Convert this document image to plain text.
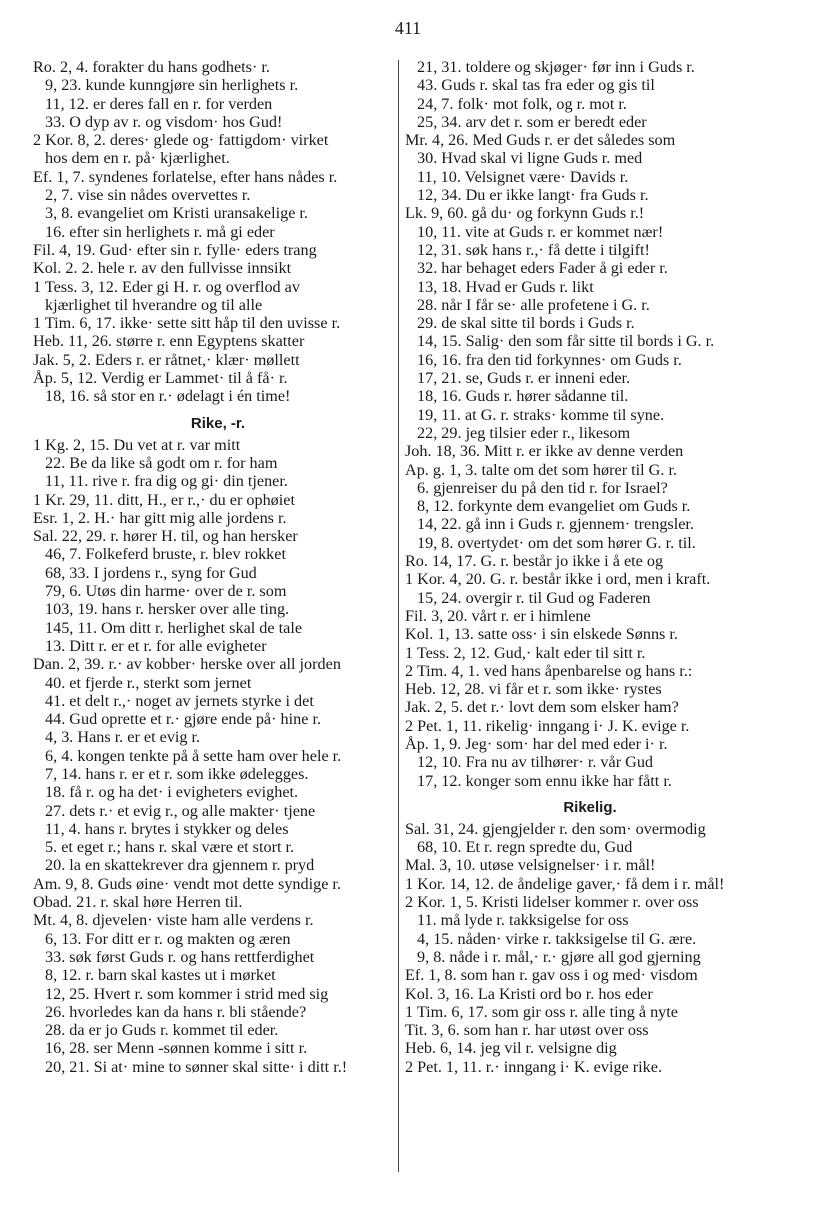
411
Ro. 2, 4. forakter du hans godhets· r.
9, 23. kunde kunngjøre sin herlighets r.
11, 12. er deres fall en r. for verden
33. O dyp av r. og visdom· hos Gud!
2 Kor. 8, 2. deres· glede og· fattigdom· virket
hos dem en r. på· kjærlighet.
Ef. 1, 7. syndenes forlatelse, efter hans nådes r.
2, 7. vise sin nådes overvettes r.
3, 8. evangeliet om Kristi uransakelige r.
16. efter sin herlighets r. må gi eder
Fil. 4, 19. Gud· efter sin r. fylle· eders trang
Kol. 2. 2. hele r. av den fullvisse innsikt
1 Tess. 3, 12. Eder gi H. r. og overflod av
kjærlighet til hverandre og til alle
1 Tim. 6, 17. ikke· sette sitt håp til den uvisse r.
Heb. 11, 26. større r. enn Egyptens skatter
Jak. 5, 2. Eders r. er råtnet,· klær· møllett
Åp. 5, 12. Verdig er Lammet· til å få· r.
18, 16. så stor en r.· ødelagt i én time!
Rike, -r.
1 Kg. 2, 15. Du vet at r. var mitt
22. Be da like så godt om r. for ham
11, 11. rive r. fra dig og gi· din tjener.
1 Kr. 29, 11. ditt, H., er r.,· du er ophøiet
Esr. 1, 2. H.· har gitt mig alle jordens r.
Sal. 22, 29. r. hører H. til, og han hersker
46, 7. Folkeferd bruste, r. blev rokket
68, 33. I jordens r., syng for Gud
79, 6. Utøs din harme· over de r. som
103, 19. hans r. hersker over alle ting.
145, 11. Om ditt r. herlighet skal de tale
13. Ditt r. er et r. for alle evigheter
Dan. 2, 39. r.· av kobber· herske over all jorden
40. et fjerde r., sterkt som jernet
41. et delt r.,· noget av jernets styrke i det
44. Gud oprette et r.· gjøre ende på· hine r.
4, 3. Hans r. er et evig r.
6, 4. kongen tenkte på å sette ham over hele r.
7, 14. hans r. er et r. som ikke ødelegges.
18. få r. og ha det· i evigheters evighet.
27. dets r.· et evig r., og alle makter· tjene
11, 4. hans r. brytes i stykker og deles
5. et eget r.; hans r. skal være et stort r.
20. la en skattekrever dra gjennem r. pryd
Am. 9, 8. Guds øine· vendt mot dette syndige r.
Obad. 21. r. skal høre Herren til.
Mt. 4, 8. djevelen· viste ham alle verdens r.
6, 13. For ditt er r. og makten og æren
33. søk først Guds r. og hans rettferdighet
8, 12. r. barn skal kastes ut i mørket
12, 25. Hvert r. som kommer i strid med sig
26. hvorledes kan da hans r. bli stående?
28. da er jo Guds r. kommet til eder.
16, 28. ser Menn -sønnen komme i sitt r.
20, 21. Si at· mine to sønner skal sitte· i ditt r.!
21, 31. toldere og skjøger· før inn i Guds r.
43. Guds r. skal tas fra eder og gis til
24, 7. folk· mot folk, og r. mot r.
25, 34. arv det r. som er beredt eder
Mr. 4, 26. Med Guds r. er det således som
30. Hvad skal vi ligne Guds r. med
11, 10. Velsignet være· Davids r.
12, 34. Du er ikke langt· fra Guds r.
Lk. 9, 60. gå du· og forkynn Guds r.!
10, 11. vite at Guds r. er kommet nær!
12, 31. søk hans r.,· få dette i tilgift!
32. har behaget eders Fader å gi eder r.
13, 18. Hvad er Guds r. likt
28. når I får se· alle profetene i G. r.
29. de skal sitte til bords i Guds r.
14, 15. Salig· den som får sitte til bords i G. r.
16, 16. fra den tid forkynnes· om Guds r.
17, 21. se, Guds r. er inneni eder.
18, 16. Guds r. hører sådanne til.
19, 11. at G. r. straks· komme til syne.
22, 29. jeg tilsier eder r., likesom
Joh. 18, 36. Mitt r. er ikke av denne verden
Ap. g. 1, 3. talte om det som hører til G. r.
6. gjenreiser du på den tid r. for Israel?
8, 12. forkynte dem evangeliet om Guds r.
14, 22. gå inn i Guds r. gjennem· trengsler.
19, 8. overtydet· om det som hører G. r. til.
Ro. 14, 17. G. r. består jo ikke i å ete og
1 Kor. 4, 20. G. r. består ikke i ord, men i kraft.
15, 24. overgir r. til Gud og Faderen
Fil. 3, 20. vårt r. er i himlene
Kol. 1, 13. satte oss· i sin elskede Sønns r.
1 Tess. 2, 12. Gud,· kalt eder til sitt r.
2 Tim. 4, 1. ved hans åpenbarelse og hans r.:
Heb. 12, 28. vi får et r. som ikke· rystes
Jak. 2, 5. det r.· lovt dem som elsker ham?
2 Pet. 1, 11. rikelig· inngang i· J. K. evige r.
Åp. 1, 9. Jeg· som· har del med eder i· r.
12, 10. Fra nu av tilhører· r. vår Gud
17, 12. konger som ennu ikke har fått r.
Rikelig.
Sal. 31, 24. gjengjelder r. den som· overmodig
68, 10. Et r. regn spredte du, Gud
Mal. 3, 10. utøse velsignelser· i r. mål!
1 Kor. 14, 12. de åndelige gaver,· få dem i r. mål!
2 Kor. 1, 5. Kristi lidelser kommer r. over oss
11. må lyde r. takksigelse for oss
4, 15. nåden· virke r. takksigelse til G. ære.
9, 8. nåde i r. mål,· r.· gjøre all god gjerning
Ef. 1, 8. som han r. gav oss i og med· visdom
Kol. 3, 16. La Kristi ord bo r. hos eder
1 Tim. 6, 17. som gir oss r. alle ting å nyte
Tit. 3, 6. som han r. har utøst over oss
Heb. 6, 14. jeg vil r. velsigne dig
2 Pet. 1, 11. r.· inngang i· K. evige rike.
